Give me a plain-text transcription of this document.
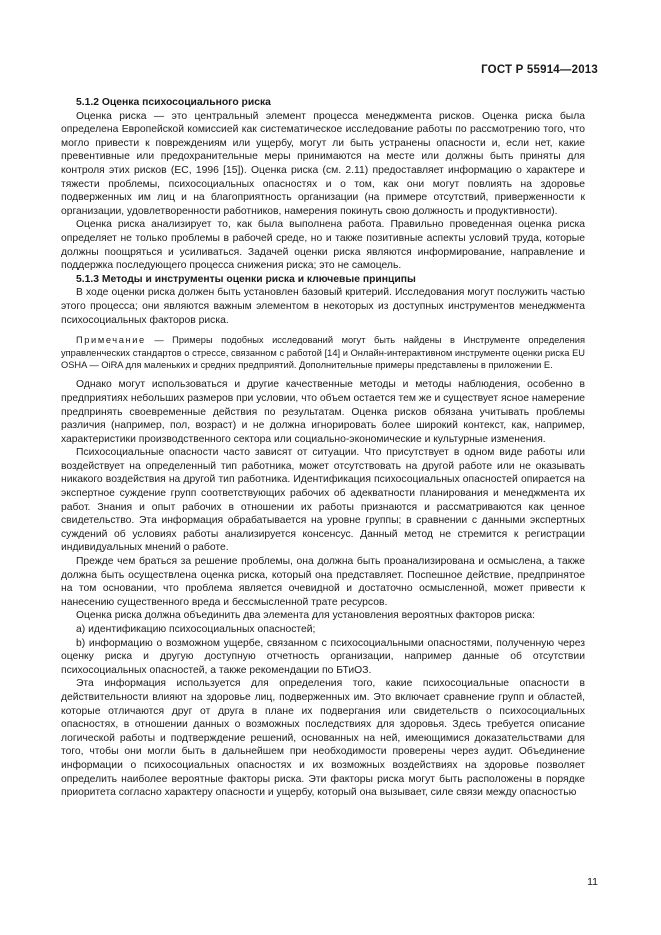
ГОСТ Р 55914—2013
5.1.2 Оценка психосоциального риска

Оценка риска — это центральный элемент процесса менеджмента рисков. Оценка риска была определена Европейской комиссией как систематическое исследование работы по рассмотрению того, что могло привести к повреждениям или ущербу, могут ли быть устранены опасности и, если нет, какие превентивные или предохранительные меры принимаются на месте или должны быть приняты для контроля этих рисков (ЕС, 1996 [15]). Оценка риска (см. 2.11) предоставляет информацию о характере и тяжести проблемы, психосоциальных опасностях и о том, как они могут повлиять на здоровье подверженных им лиц и на благоприятность организации (на примере отсутствий, приверженности к организации, удовлетворенности работников, намерения покинуть свою должность и продуктивности).

Оценка риска анализирует то, как была выполнена работа. Правильно проведенная оценка риска определяет не только проблемы в рабочей среде, но и также позитивные аспекты условий труда, которые должны поощряться и усиливаться. Задачей оценки риска являются информирование, направление и поддержка последующего процесса снижения риска; это не самоцель.

5.1.3 Методы и инструменты оценки риска и ключевые принципы

В ходе оценки риска должен быть установлен базовый критерий. Исследования могут послужить частью этого процесса; они являются важным элементом в некоторых из доступных инструментов менеджмента психосоциальных факторов риска.

Примечание — Примеры подобных исследований могут быть найдены в Инструменте определения управленческих стандартов о стрессе, связанном с работой [14] и Онлайн-интерактивном инструменте оценки риска EU OSHA — OiRA для маленьких и средних предприятий. Дополнительные примеры представлены в приложении Е.

Однако могут использоваться и другие качественные методы и методы наблюдения, особенно в предприятиях небольших размеров при условии, что объем остается тем же и существует ясное намерение предпринять своевременные действия по результатам. Оценка рисков обязана учитывать проблемы различия (например, пол, возраст) и не должна игнорировать более широкий контекст, как, например, характеристики производственного сектора или социально-экономические и культурные изменения.

Психосоциальные опасности часто зависят от ситуации. Что присутствует в одном виде работы или воздействует на определенный тип работника, может отсутствовать на другой работе или не оказывать никакого воздействия на другой тип работника. Идентификация психосоциальных опасностей опирается на экспертное суждение групп соответствующих рабочих об адекватности планирования и менеджмента их работ. Знания и опыт рабочих в отношении их работы признаются и рассматриваются как ценное свидетельство. Эта информация обрабатывается на уровне группы; в сравнении с данными экспертных суждений об условиях работы анализируется консенсус. Данный метод не стремится к регистрации индивидуальных мнений о работе.

Прежде чем браться за решение проблемы, она должна быть проанализирована и осмыслена, а также должна быть осуществлена оценка риска, который она представляет. Поспешное действие, предпринятое на том основании, что проблема является очевидной и достаточно осмысленной, может привести к нанесению существенного вреда и бессмысленной трате ресурсов.

Оценка риска должна объединить два элемента для установления вероятных факторов риска:

a) идентификацию психосоциальных опасностей;

b) информацию о возможном ущербе, связанном с психосоциальными опасностями, полученную через оценку риска и другую доступную отчетность организации, например данные об отсутствии психосоциальных опасностей, а также рекомендации по БТиОЗ.

Эта информация используется для определения того, какие психосоциальные опасности в действительности влияют на здоровье лиц, подверженных им. Это включает сравнение групп и областей, которые отличаются друг от друга в плане их подвергания или свидетельств о психосоциальных опасностях, в отношении данных о возможных последствиях для здоровья. Здесь требуется описание логической работы и подтверждение решений, основанных на ней, имеющимися доказательствами для того, чтобы они могли быть в дальнейшем при необходимости проверены через аудит. Объединение информации о психосоциальных опасностях и их возможных воздействиях на здоровье позволяет определить наиболее вероятные факторы риска. Эти факторы риска могут быть расположены в порядке приоритета согласно характеру опасности и ущербу, который она вызывает, силе связи между опасностью

11
